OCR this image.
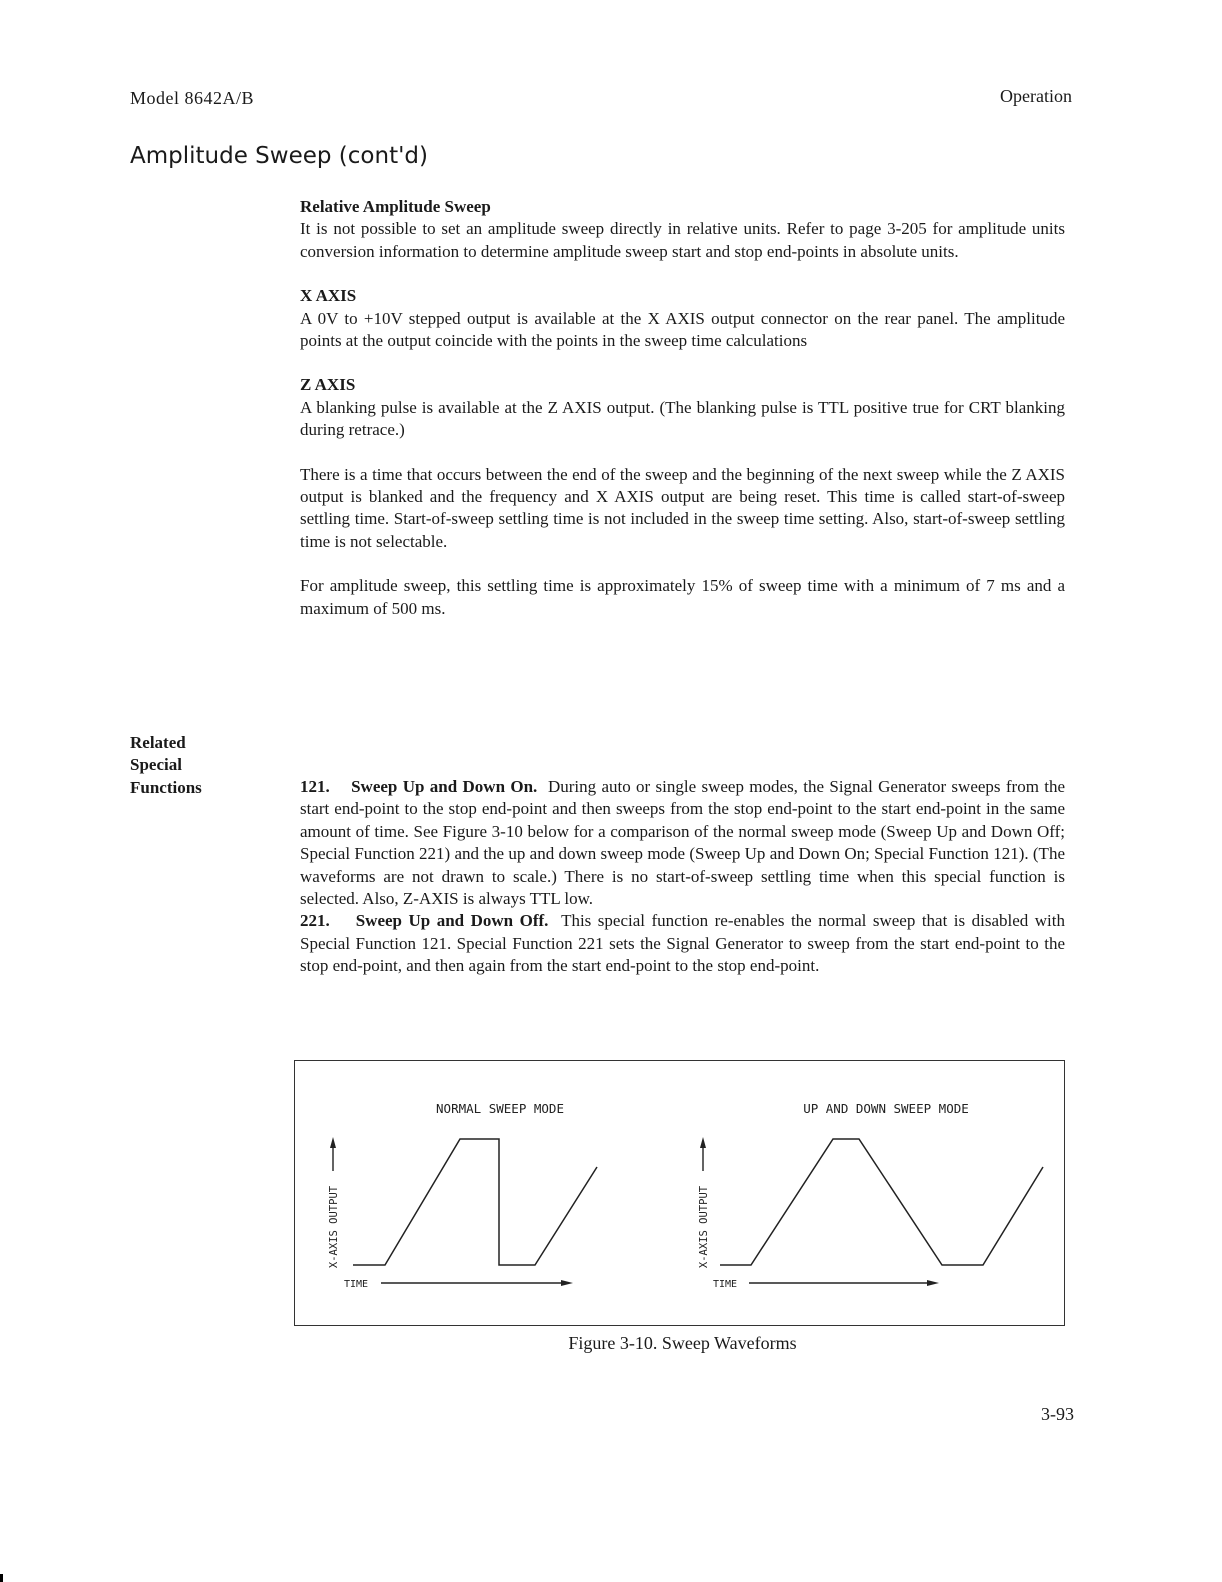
Model 8642A/B	Operation
Amplitude Sweep (cont'd)
Relative Amplitude Sweep

It is not possible to set an amplitude sweep directly in relative units. Refer to page 3-205 for amplitude units conversion information to determine amplitude sweep start and stop end-points in absolute units.

X AXIS

A 0V to +10V stepped output is available at the X AXIS output connector on the rear panel. The amplitude points at the output coincide with the points in the sweep time calculations

Z AXIS

A blanking pulse is available at the Z AXIS output. (The blanking pulse is TTL positive true for CRT blanking during retrace.)

There is a time that occurs between the end of the sweep and the beginning of the next sweep while the Z AXIS output is blanked and the frequency and X AXIS output are being reset. This time is called start-of-sweep settling time. Start-of-sweep settling time is not included in the sweep time setting. Also, start-of-sweep settling time is not selectable.

For amplitude sweep, this settling time is approximately 15% of sweep time with a minimum of 7 ms and a maximum of 500 ms.

Related
Special
Functions	121. Sweep Up and Down On. During auto or single sweep modes, the Signal Generator sweeps from the start end-point to the stop end-point and then sweeps from the stop end-point to the start end-point in the same amount of time. See Figure 3-10 below for a comparison of the normal sweep mode (Sweep Up and Down Off; Special Function 221) and the up and down sweep mode (Sweep Up and Down On; Special Function 121). (The waveforms are not drawn to scale.) There is no start-of-sweep settling time when this special function is selected. Also, Z-AXIS is always TTL low.

221. Sweep Up and Down Off. This special function re-enables the normal sweep that is disabled with Special Function 121. Special Function 221 sets the Signal Generator to sweep from the start end-point to the stop end-point, and then again from the start end-point to the stop end-point.

NORMAL SWEEP MODE	UP AND DOWN SWEEP MODE
X-AXIS OUTPUT
TIME
X-AXIS OUTPUT
TIME
Figure 3-10. Sweep Waveforms
3-93
